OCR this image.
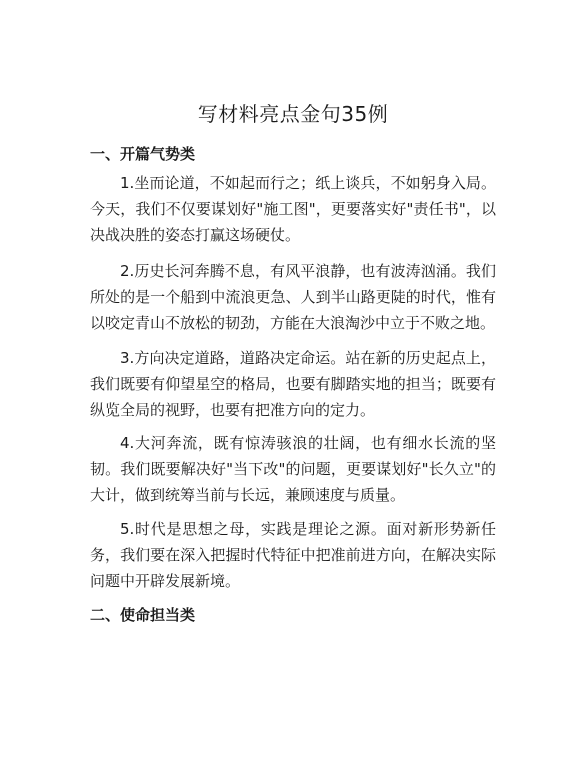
写材料亮点金句35例
一、开篇气势类
1.坐而论道，不如起而行之；纸上谈兵，不如躬身入局。今天，我们不仅要谋划好"施工图"，更要落实好"责任书"，以决战决胜的姿态打赢这场硬仗。
2.历史长河奔腾不息，有风平浪静，也有波涛汹涌。我们所处的是一个船到中流浪更急、人到半山路更陡的时代，惟有以咬定青山不放松的韧劲，方能在大浪淘沙中立于不败之地。
3.方向决定道路，道路决定命运。站在新的历史起点上，我们既要有仰望星空的格局，也要有脚踏实地的担当；既要有纵览全局的视野，也要有把准方向的定力。
4.大河奔流，既有惊涛骇浪的壮阔，也有细水长流的坚韧。我们既要解决好"当下改"的问题，更要谋划好"长久立"的大计，做到统筹当前与长远，兼顾速度与质量。
5.时代是思想之母，实践是理论之源。面对新形势新任务，我们要在深入把握时代特征中把准前进方向，在解决实际问题中开辟发展新境。
二、使命担当类
